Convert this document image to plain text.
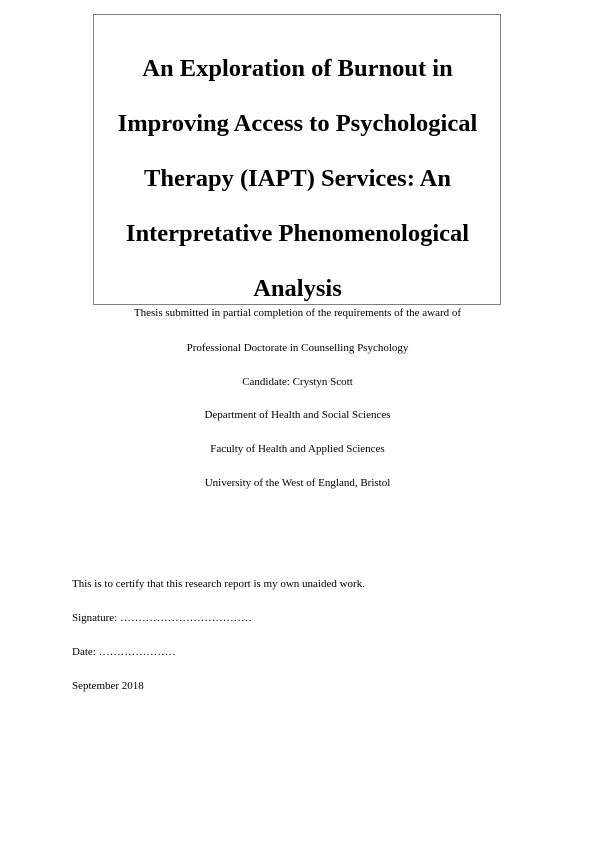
An Exploration of Burnout in
Improving Access to Psychological
Therapy (IAPT) Services: An
Interpretative Phenomenological
Analysis
Thesis submitted in partial completion of the requirements of the award of
Professional Doctorate in Counselling Psychology
Candidate: Crystyn Scott
Department of Health and Social Sciences
Faculty of Health and Applied Sciences
University of the West of England, Bristol
This is to certify that this research report is my own unaided work.
Signature: ………………………………
Date: …………………
September 2018
